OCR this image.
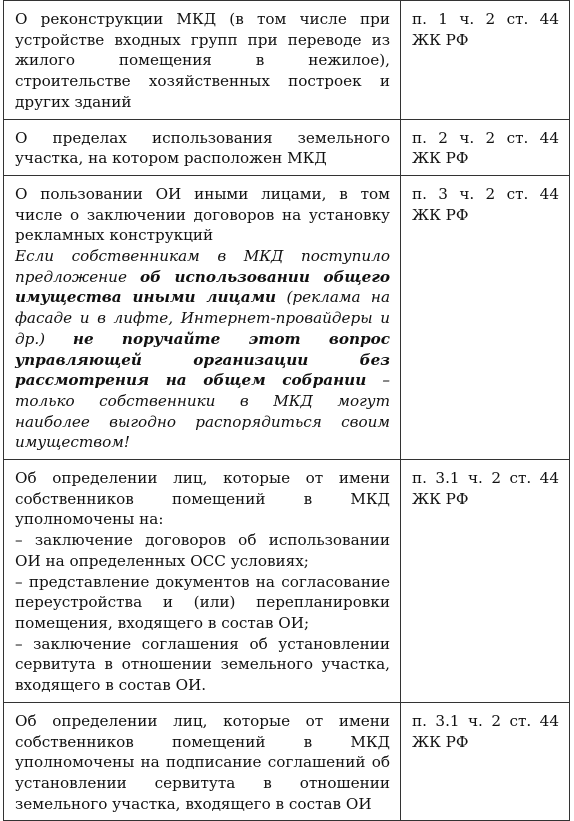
О реконструкции МКД (в том числе при устройстве входных групп при переводе из жилого помещения в нежилое), строительстве хозяйственных построек и других зданий	п. 1 ч. 2 ст. 44 ЖК РФ
О пределах использования земельного участка, на котором расположен МКД	п. 2 ч. 2 ст. 44 ЖК РФ

О пользовании ОИ иными лицами, в том числе о заключении договоров на установку рекламных конструкций
Если собственникам в МКД поступило предложение об использовании общего имущества иными лицами (реклама на фасаде и в лифте, Интернет-провайдеры и др.) не поручайте этот вопрос управляющей организации без рассмотрения на общем собрании – только собственники в МКД могут наиболее выгодно распорядиться своим имуществом!	п. 3 ч. 2 ст. 44 ЖК РФ

Об определении лиц, которые от имени собственников помещений в МКД уполномочены на:
– заключение договоров об использовании ОИ на определенных ОСС условиях;
– представление документов на согласование переустройства и (или) перепланировки помещения, входящего в состав ОИ;
– заключение соглашения об установлении сервитута в отношении земельного участка, входящего в состав ОИ.	п. 3.1 ч. 2 ст. 44 ЖК РФ
Об определении лиц, которые от имени собственников помещений в МКД уполномочены на подписание соглашений об установлении сервитута в отношении земельного участка, входящего в состав ОИ	п. 3.1 ч. 2 ст. 44 ЖК РФ
